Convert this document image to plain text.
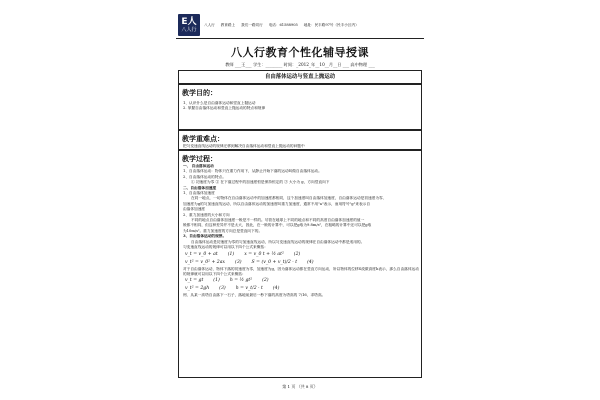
E人
八人行
八人行 教育路上 我们一路同行 电话：61588905 地址：民丰路97号（民丰小区内）
八人行教育个性化辅导授课
教师 ___王___ 学生：________ 时间：_2012_年__10__月__日 ___ 高中物理 ___
自由落体运动与竖直上抛运动
教学目的：
1、认识什么是自由落体运动和竖直上抛运动
2. 掌握自由落体运动和竖直上抛运动的特点和规律
教学重难点：
把匀变速直线运动的规律迁移到解决自由落体运动和竖直上抛运动的问题中
教学过程：
一、 自由落体运动
1、自由落体运动：物体只在重力作用下，从静止开始下落的运动叫做自由落体运动。
2、自由落体运动的特点。
① 初速度为零 ② 在下落过程中的加速度恒是保持恒定的 ③ 大小为 g，方向竖直向下
二、自由落体加速度
1、自由落体加速度
在同一地点，一切物体在自由落体运动中的加速度都相同，这个加速度叫自由落体加速度，自由落体运动是初速度为零、
加速度为g的匀加速直线运动，所以自由落体运动的加速度叫重力加速度，通常不用"a"表示，而用符号"g"来表示自
由落体加速度
2、重力加速度的大小和方向
不同的地点自由落体加速度一般是不一样的。尽管在地球上不同的地点和不同的高度自由落体加速度的值一
般都不相同，但这种差异并不是太大，因此，在一般的计算中，可以把g取为9.8m/s²，在粗略的计算中还可以把g取
为10m/s²。重力加速度的方向总是竖直向下的。
3、自由落体运动的规律。
自由落体运动是初速度为零的匀加速直线运动，所以匀变速直线运动的规律在自由落体运动中都是适用的。
匀变速直线运动的规律可以用以下四个公式来概括：
v_t = v_0 + at (1) x = v_0 t + ½ at² (2)
v_t² = v_0² + 2ax (3) S = (v_0 + v_t)/2 · t (4)
对于自由落体运动，物体下落的初速度为零，加速度为g，因为落体运动都在竖直方向运动，所以物体的位移S改做高度h表示，那么自由落体运动的规律就可以用以下四个公式来概括：
v_t = gt (1) h = ½ gt² (2)
v_t² = 2gh (3) h = v_t/2 · t (4)
例、从某一高塔自由落下一石子，落地前最后一秒下落的高度为塔高的 7/16，求塔高。
第 1 页 （共 8 页）
